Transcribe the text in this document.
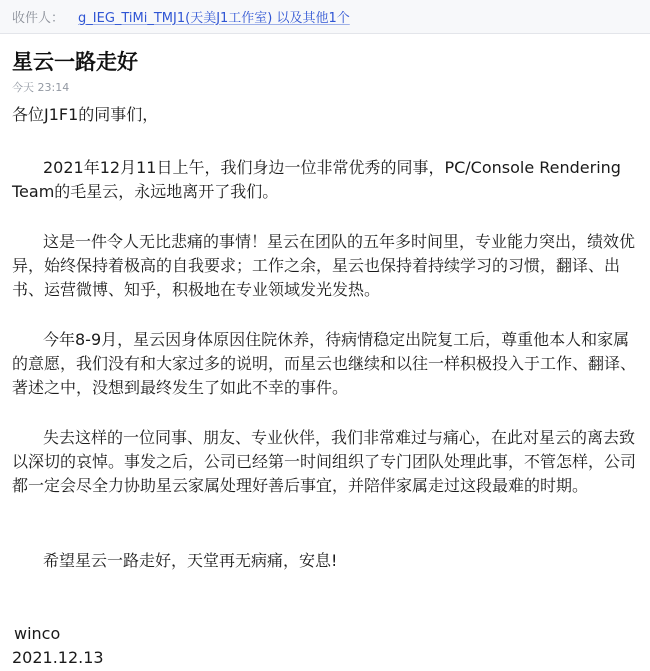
收件人： g_IEG_TiMi_TMJ1(天美J1工作室) 以及其他1个
星云一路走好
今天 23:14

各位J1F1的同事们，

2021年12月11日上午，我们身边一位非常优秀的同事，PC/Console Rendering Team的毛星云，永远地离开了我们。

这是一件令人无比悲痛的事情！星云在团队的五年多时间里，专业能力突出，绩效优异，始终保持着极高的自我要求；工作之余，星云也保持着持续学习的习惯，翻译、出书、运营微博、知乎，积极地在专业领域发光发热。

今年8-9月，星云因身体原因住院休养，待病情稳定出院复工后，尊重他本人和家属的意愿，我们没有和大家过多的说明，而星云也继续和以往一样积极投入于工作、翻译、著述之中，没想到最终发生了如此不幸的事件。

失去这样的一位同事、朋友、专业伙伴，我们非常难过与痛心，在此对星云的离去致以深切的哀悼。事发之后，公司已经第一时间组织了专门团队处理此事，不管怎样，公司都一定会尽全力协助星云家属处理好善后事宜，并陪伴家属走过这段最难的时期。

希望星云一路走好，天堂再无病痛，安息!

winco
2021.12.13
